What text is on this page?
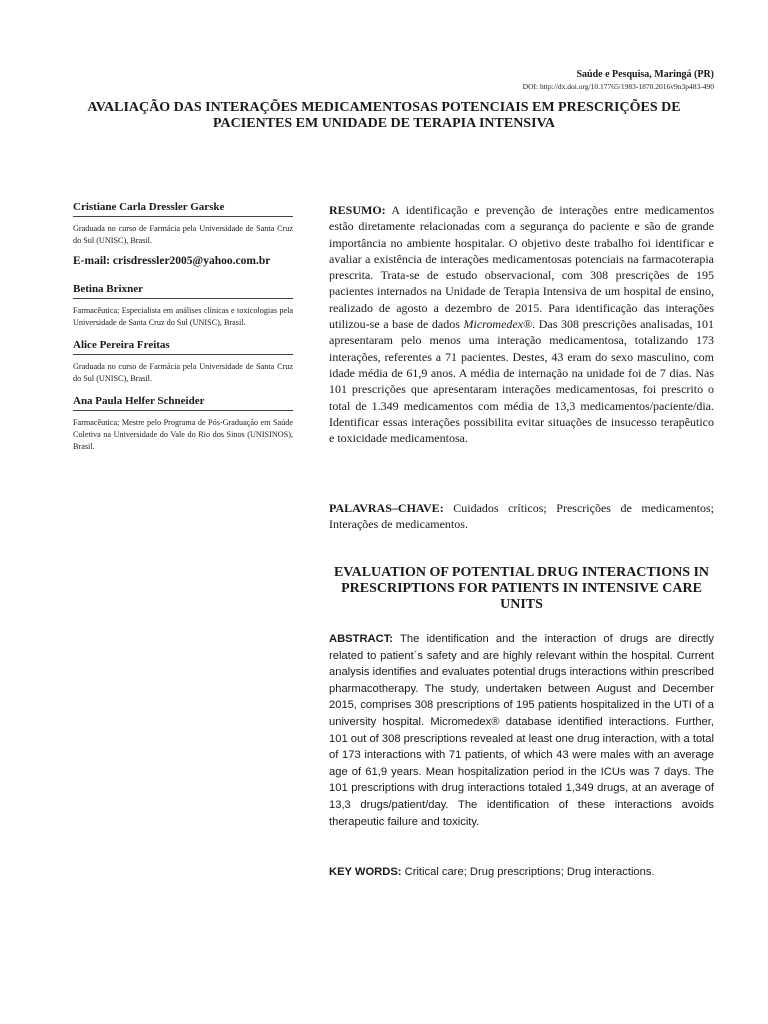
Saúde e Pesquisa, Maringá (PR)
DOI: http://dx.doi.org/10.17765/1983-1870.2016v9n3p483-490
AVALIAÇÃO DAS INTERAÇÕES MEDICAMENTOSAS POTENCIAIS EM PRESCRIÇÕES DE PACIENTES EM UNIDADE DE TERAPIA INTENSIVA
Cristiane Carla Dressler Garske
Graduada no curso de Farmácia pela Universidade de Santa Cruz do Sul (UNISC), Brasil.
E-mail: crisdressler2005@yahoo.com.br
Betina Brixner
Farmacêutica; Especialista em análises clínicas e toxicologias pela Universidade de Santa Cruz do Sul (UNISC), Brasil.
Alice Pereira Freitas
Graduada no curso de Farmácia pela Universidade de Santa Cruz do Sul (UNISC), Brasil.
Ana Paula Helfer Schneider
Farmacêutica; Mestre pelo Programa de Pós-Graduação em Saúde Coletiva na Universidade do Vale do Rio dos Sinos (UNISINOS), Brasil.

RESUMO: A identificação e prevenção de interações entre medicamentos estão diretamente relacionadas com a segurança do paciente e são de grande importância no ambiente hospitalar. O objetivo deste trabalho foi identificar e avaliar a existência de interações medicamentosas potenciais na farmacoterapia prescrita. Trata-se de estudo observacional, com 308 prescrições de 195 pacientes internados na Unidade de Terapia Intensiva de um hospital de ensino, realizado de agosto a dezembro de 2015. Para identificação das interações utilizou-se a base de dados Micromedex®. Das 308 prescrições analisadas, 101 apresentaram pelo menos uma interação medicamentosa, totalizando 173 interações, referentes a 71 pacientes. Destes, 43 eram do sexo masculino, com idade média de 61,9 anos. A média de internação na unidade foi de 7 dias. Nas 101 prescrições que apresentaram interações medicamentosas, foi prescrito o total de 1.349 medicamentos com média de 13,3 medicamentos/paciente/dia. Identificar essas interações possibilita evitar situações de insucesso terapêutico e toxicidade medicamentosa.

PALAVRAS–CHAVE: Cuidados críticos; Prescrições de medicamentos; Interações de medicamentos.

EVALUATION OF POTENTIAL DRUG INTERACTIONS IN PRESCRIPTIONS FOR PATIENTS IN INTENSIVE CARE UNITS

ABSTRACT: The identification and the interaction of drugs are directly related to patient´s safety and are highly relevant within the hospital. Current analysis identifies and evaluates potential drugs interactions within prescribed pharmacotherapy. The study, undertaken between August and December 2015, comprises 308 prescriptions of 195 patients hospitalized in the UTI of a university hospital. Micromedex® database identified interactions. Further, 101 out of 308 prescriptions revealed at least one drug interaction, with a total of 173 interactions with 71 patients, of which 43 were males with an average age of 61,9 years. Mean hospitalization period in the ICUs was 7 days. The 101 prescriptions with drug interactions totaled 1,349 drugs, at an average of 13,3 drugs/patient/day. The identification of these interactions avoids therapeutic failure and toxicity.

KEY WORDS: Critical care; Drug prescriptions; Drug interactions.
